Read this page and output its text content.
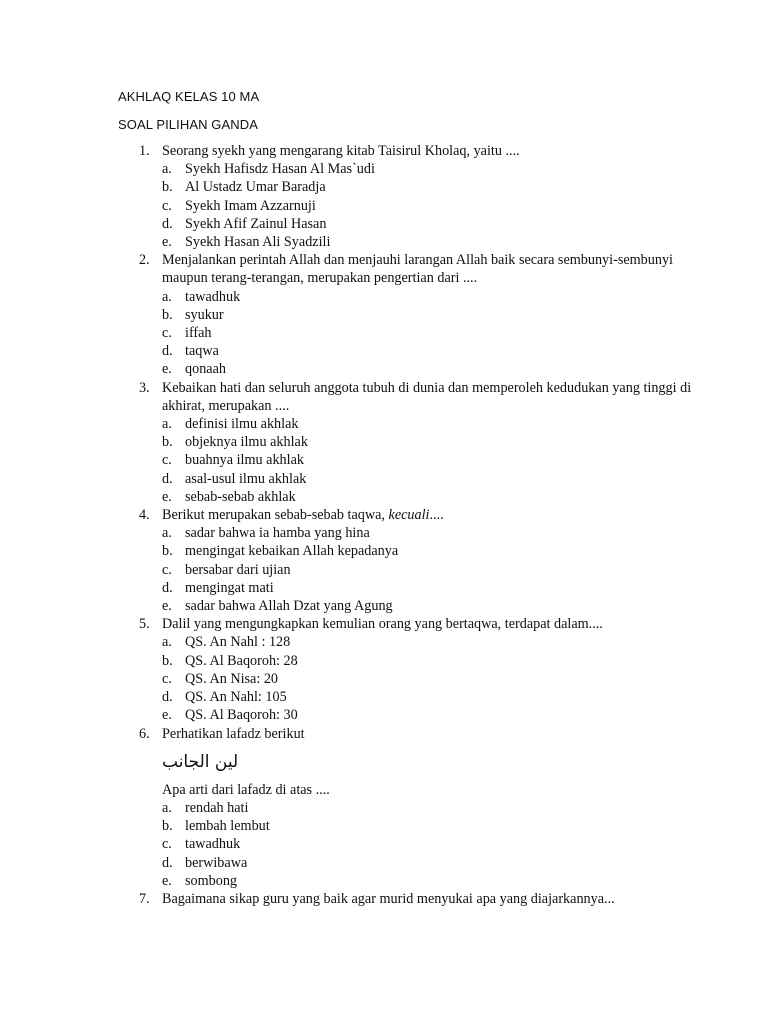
AKHLAQ KELAS 10 MA
SOAL PILIHAN GANDA
1. Seorang syekh yang mengarang kitab Taisirul Kholaq, yaitu ....
a. Syekh Hafisdz Hasan Al Mas`udi
b. Al Ustadz Umar Baradja
c. Syekh Imam Azzarnuji
d. Syekh Afif Zainul Hasan
e. Syekh Hasan Ali Syadzili
2. Menjalankan perintah Allah dan menjauhi larangan Allah baik secara sembunyi-sembunyi maupun terang-terangan, merupakan pengertian dari ....
a. tawadhuk
b. syukur
c. iffah
d. taqwa
e. qonaah
3. Kebaikan hati dan seluruh anggota tubuh di dunia dan memperoleh kedudukan yang tinggi di akhirat, merupakan ....
a. definisi ilmu akhlak
b. objeknya ilmu akhlak
c. buahnya ilmu akhlak
d. asal-usul ilmu akhlak
e. sebab-sebab akhlak
4. Berikut merupakan sebab-sebab taqwa, kecuali....
a. sadar bahwa ia hamba yang hina
b. mengingat kebaikan Allah kepadanya
c. bersabar dari ujian
d. mengingat mati
e. sadar bahwa Allah Dzat yang Agung
5. Dalil yang mengungkapkan kemulian orang yang bertaqwa, terdapat dalam....
a. QS. An Nahl : 128
b. QS. Al Baqoroh: 28
c. QS. An Nisa: 20
d. QS. An Nahl: 105
e. QS. Al Baqoroh: 30
6. Perhatikan lafadz berikut
لين الجانب
Apa arti dari lafadz di atas ....
a. rendah hati
b. lembah lembut
c. tawadhuk
d. berwibawa
e. sombong
7. Bagaimana sikap guru yang baik agar murid menyukai apa yang diajarkannya...
